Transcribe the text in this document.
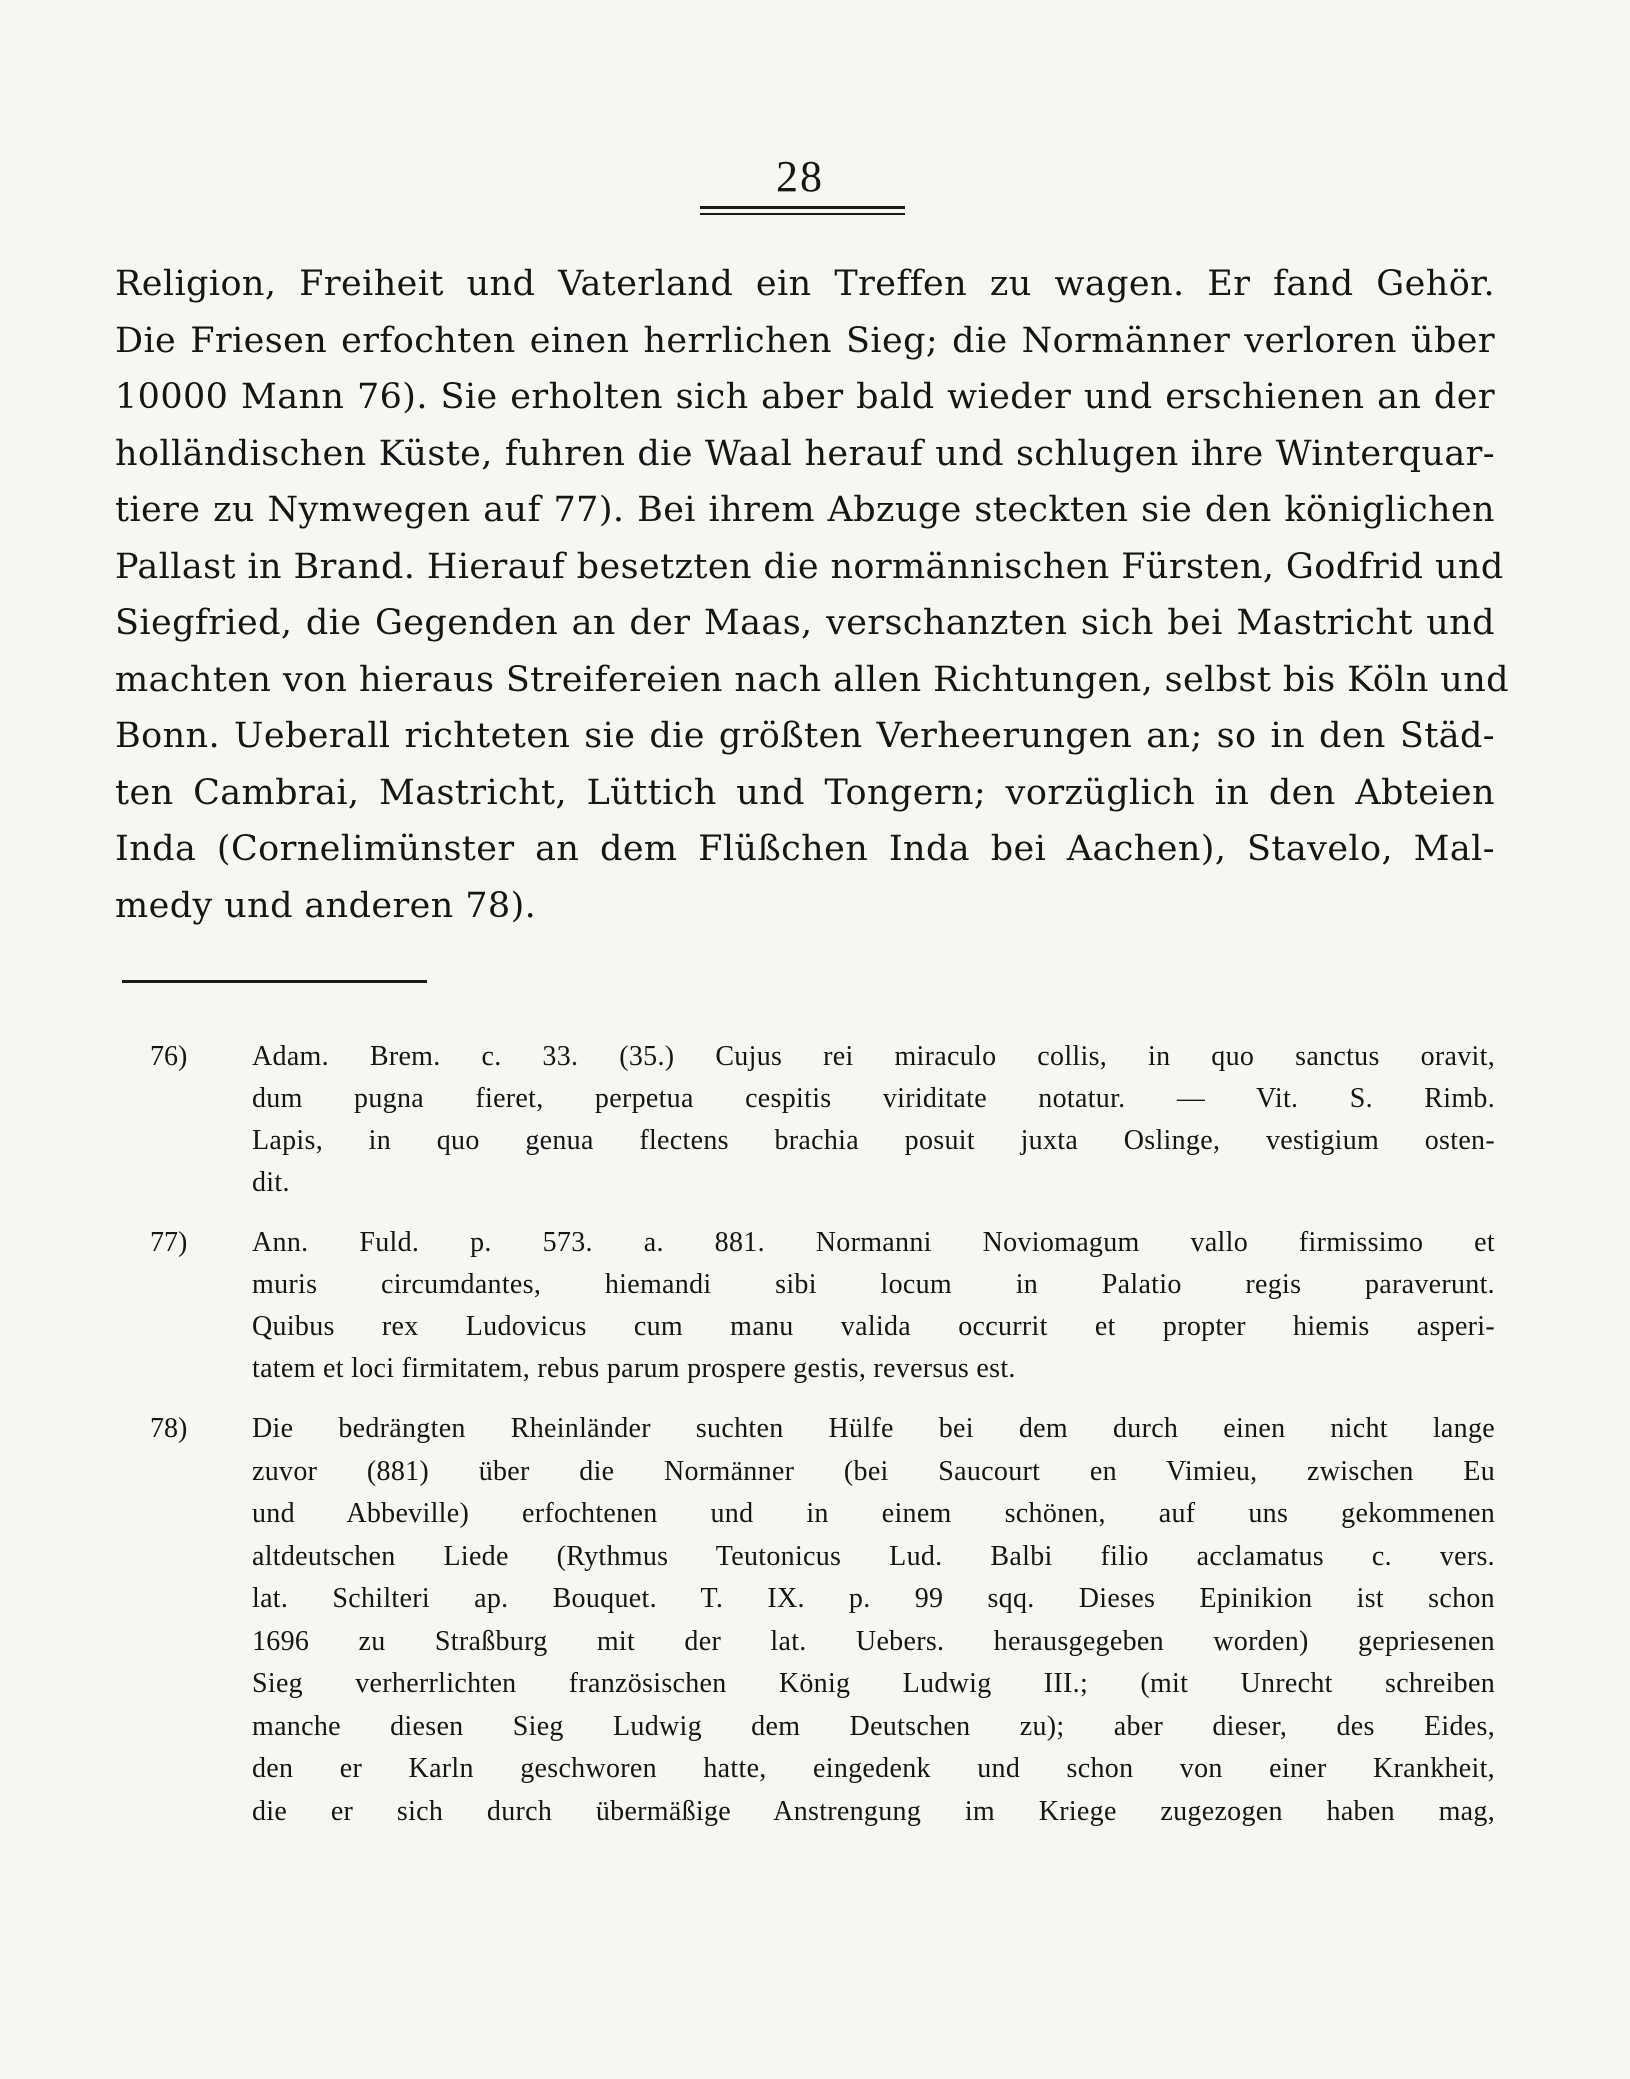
28
Religion, Freiheit und Vaterland ein Treffen zu wagen. Er fand Gehör.
Die Friesen erfochten einen herrlichen Sieg; die Normänner verloren über
10000 Mann 76). Sie erholten sich aber bald wieder und erschienen an der
holländischen Küste, fuhren die Waal herauf und schlugen ihre Winterquar-
tiere zu Nymwegen auf 77). Bei ihrem Abzuge steckten sie den königlichen
Pallast in Brand. Hierauf besetzten die normännischen Fürsten, Godfrid und
Siegfried, die Gegenden an der Maas, verschanzten sich bei Mastricht und
machten von hieraus Streifereien nach allen Richtungen, selbst bis Köln und
Bonn. Ueberall richteten sie die größten Verheerungen an; so in den Städ-
ten Cambrai, Mastricht, Lüttich und Tongern; vorzüglich in den Abteien
Inda (Cornelimünster an dem Flüßchen Inda bei Aachen), Stavelo, Mal-
medy und anderen 78).
76)	Adam. Brem. c. 33. (35.) Cujus rei miraculo collis, in quo sanctus oravit,
dum pugna fieret, perpetua cespitis viriditate notatur. — Vit. S. Rimb.
Lapis, in quo genua flectens brachia posuit juxta Oslinge, vestigium osten-
dit.
77)	Ann. Fuld. p. 573. a. 881. Normanni Noviomagum vallo firmissimo et
muris circumdantes, hiemandi sibi locum in Palatio regis paraverunt.
Quibus rex Ludovicus cum manu valida occurrit et propter hiemis asperi-
tatem et loci firmitatem, rebus parum prospere gestis, reversus est.
78)	Die bedrängten Rheinländer suchten Hülfe bei dem durch einen nicht lange
zuvor (881) über die Normänner (bei Saucourt en Vimieu, zwischen Eu
und Abbeville) erfochtenen und in einem schönen, auf uns gekommenen
altdeutschen Liede (Rythmus Teutonicus Lud. Balbi filio acclamatus c. vers.
lat. Schilteri ap. Bouquet. T. IX. p. 99 sqq. Dieses Epinikion ist schon
1696 zu Straßburg mit der lat. Uebers. herausgegeben worden) gepriesenen
Sieg verherrlichten französischen König Ludwig III.; (mit Unrecht schreiben
manche diesen Sieg Ludwig dem Deutschen zu); aber dieser, des Eides,
den er Karln geschworen hatte, eingedenk und schon von einer Krankheit,
die er sich durch übermäßige Anstrengung im Kriege zugezogen haben mag,
